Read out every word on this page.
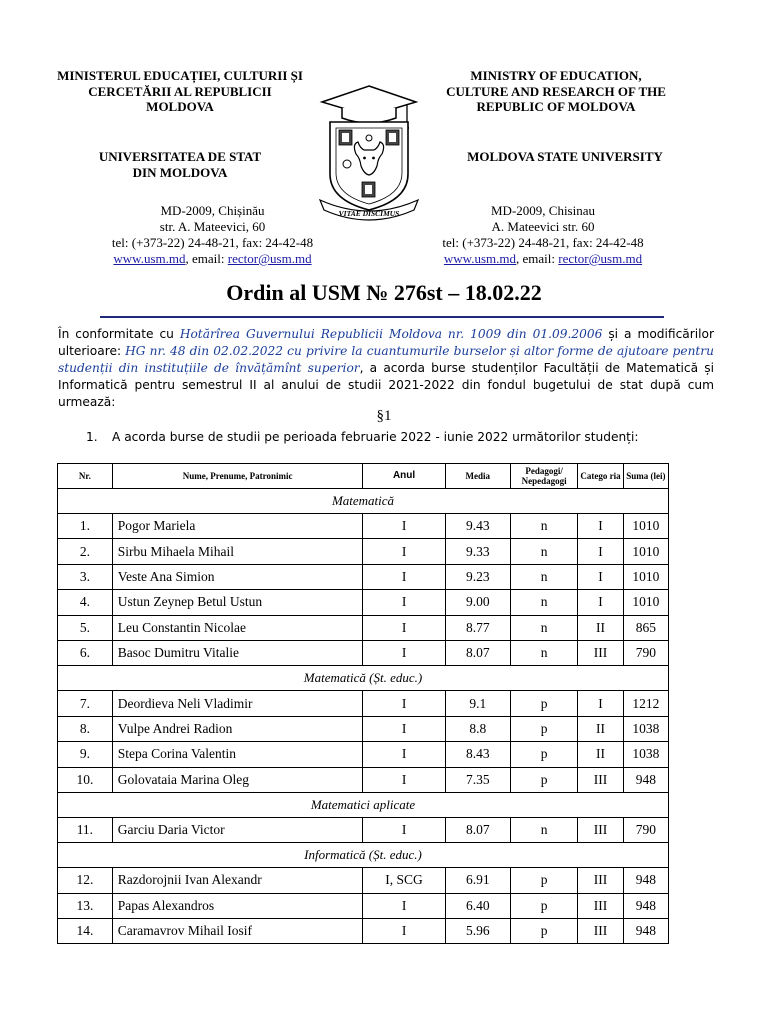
MINISTERUL EDUCAȚIEI, CULTURII ȘI
CERCETĂRII AL REPUBLICII
MOLDOVA
MINISTRY OF EDUCATION,
CULTURE AND RESEARCH OF THE
REPUBLIC OF MOLDOVA
UNIVERSITATEA DE STAT
DIN MOLDOVA
MOLDOVA STATE UNIVERSITY
VITAE DISCIMUS
MD-2009, Chișinău
str. A. Mateevici, 60
tel: (+373-22) 24-48-21, fax: 24-42-48
www.usm.md, email: rector@usm.md
MD-2009, Chisinau
A. Mateevici str. 60
tel: (+373-22) 24-48-21, fax: 24-42-48
www.usm.md, email: rector@usm.md
Ordin al USM № 276st – 18.02.22
În conformitate cu Hotărîrea Guvernului Republicii Moldova nr. 1009 din 01.09.2006 și a modificărilor ulterioare: HG nr. 48 din 02.02.2022 cu privire la cuantumurile burselor și altor forme de ajutoare pentru studenții din instituțiile de învățămînt superior, a acorda burse studenților Facultății de Matematică și Informatică pentru semestrul II al anului de studii 2021-2022 din fondul bugetului de stat după cum urmează:
§1
1. A acorda burse de studii pe perioada februarie 2022 - iunie 2022 următorilor studenți:
Nr.	Nume, Prenume, Patronimic	Anul	Media	Pedagogi/ Nepedagogi	Catego ria	Suma (lei)
Matematică						
1.	Pogor Mariela	I	9.43	n	I	1010
2.	Sirbu Mihaela Mihail	I	9.33	n	I	1010
3.	Veste Ana Simion	I	9.23	n	I	1010
4.	Ustun Zeynep Betul Ustun	I	9.00	n	I	1010
5.	Leu Constantin Nicolae	I	8.77	n	II	865
6.	Basoc Dumitru Vitalie	I	8.07	n	III	790
Matematică (Șt. educ.)						
7.	Deordieva Neli Vladimir	I	9.1	p	I	1212
8.	Vulpe Andrei Radion	I	8.8	p	II	1038
9.	Stepa Corina Valentin	I	8.43	p	II	1038
10.	Golovataia Marina Oleg	I	7.35	p	III	948
Matematici aplicate						
11.	Garciu Daria Victor	I	8.07	n	III	790
Informatică (Șt. educ.)						
12.	Razdorojnii Ivan Alexandr	I, SCG	6.91	p	III	948
13.	Papas Alexandros	I	6.40	p	III	948
14.	Caramavrov Mihail Iosif	I	5.96	p	III	948
